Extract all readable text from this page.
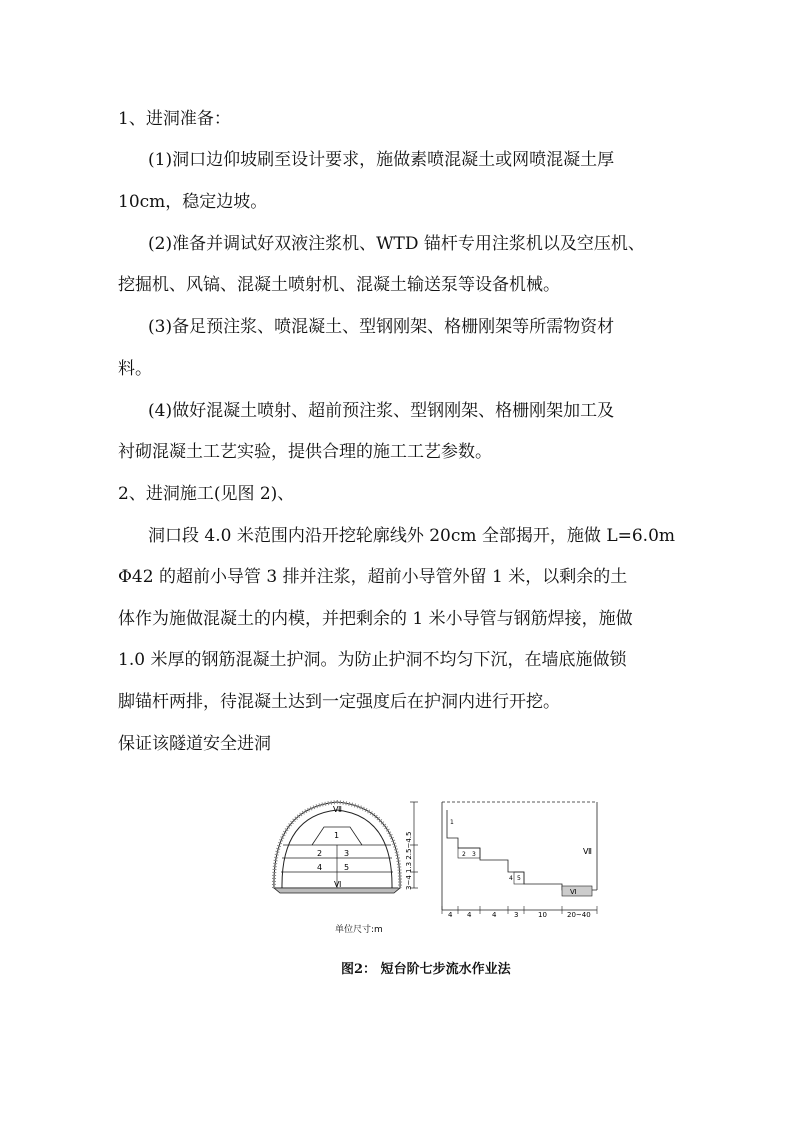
1、进洞准备：
(1)洞口边仰坡刷至设计要求，施做素喷混凝土或网喷混凝土厚
10cm，稳定边坡。
(2)准备并调试好双液注浆机、WTD 锚杆专用注浆机以及空压机、
挖掘机、风镐、混凝土喷射机、混凝土输送泵等设备机械。
(3)备足预注浆、喷混凝土、型钢刚架、格栅刚架等所需物资材
料。
(4)做好混凝土喷射、超前预注浆、型钢刚架、格栅刚架加工及
衬砌混凝土工艺实验，提供合理的施工工艺参数。
2、进洞施工(见图 2)、
洞口段 4.0 米范围内沿开挖轮廓线外 20cm 全部揭开，施做 L=6.0m
Φ42 的超前小导管 3 排并注浆，超前小导管外留 1 米，以剩余的土
体作为施做混凝土的内模，并把剩余的 1 米小导管与钢筋焊接，施做
1.0 米厚的钢筋混凝土护洞。为防止护洞不均匀下沉，在墙底施做锁
脚锚杆两排，待混凝土达到一定强度后在护洞内进行开挖。
保证该隧道安全进洞
Ⅶ
1
2	3
4	5
Ⅵ	3~4 1.3 2.5~4.5	Ⅶ
1
2 3
4 5
Ⅵ
4 4	4	3	10	20~40
单位尺寸:m
图2： 短台阶七步流水作业法
